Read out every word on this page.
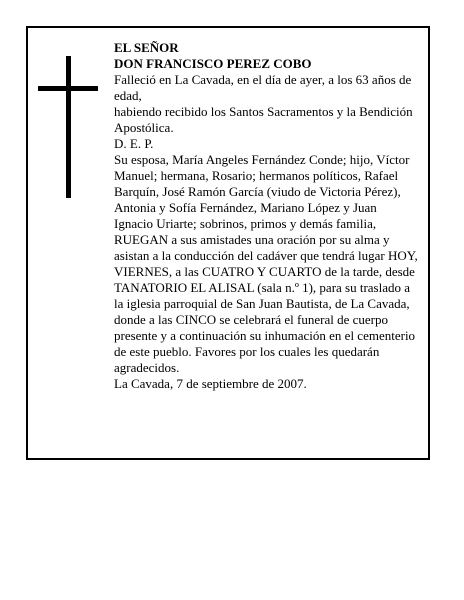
EL SEÑOR

DON FRANCISCO PEREZ COBO

Falleció en La Cavada, en el día de ayer, a los 63 años de edad,

habiendo recibido los Santos Sacramentos y la Bendición Apostólica.

D. E. P.

Su esposa, María Angeles Fernández Conde; hijo, Víctor Manuel; hermana, Rosario; hermanos políticos, Rafael Barquín, José Ramón García (viudo de Victoria Pérez), Antonia y Sofía Fernández, Mariano López y Juan Ignacio Uriarte; sobrinos, primos y demás familia, RUEGAN a sus amistades una oración por su alma y asistan a la conducción del cadáver que tendrá lugar HOY, VIERNES, a las CUATRO Y CUARTO de la tarde, desde TANATORIO EL ALISAL (sala n.º 1), para su traslado a la iglesia parroquial de San Juan Bautista, de La Cavada, donde a las CINCO se celebrará el funeral de cuerpo presente y a continuación su inhumación en el cementerio de este pueblo. Favores por los cuales les quedarán agradecidos.

La Cavada, 7 de septiembre de 2007.
